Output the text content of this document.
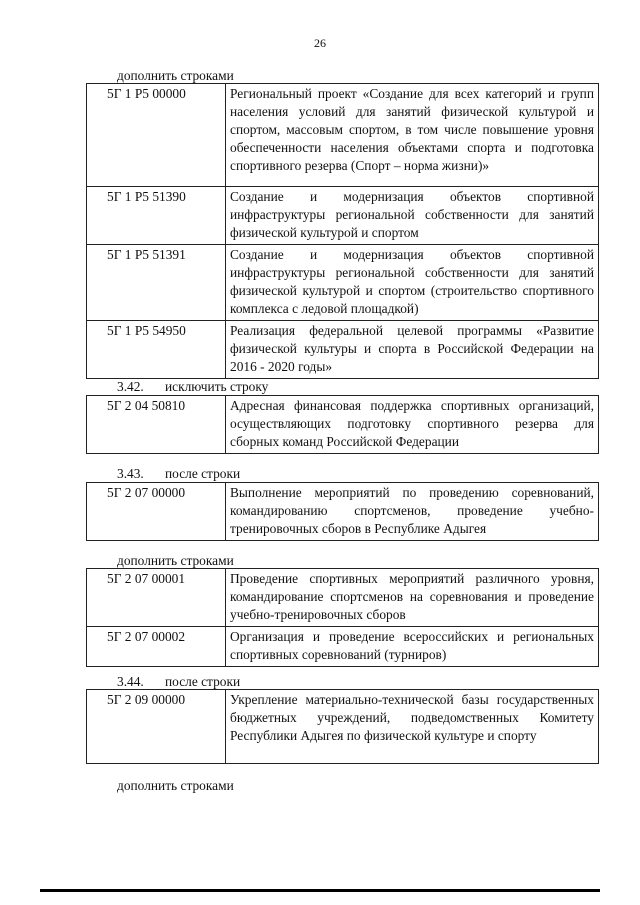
26
дополнить строками
5Г 1 P5 00000	Региональный проект «Создание для всех категорий и групп населения условий для занятий физической культурой и спортом, массовым спортом, в том числе повышение уровня обеспеченности населения объектами спорта и подготовка спортивного резерва (Спорт – норма жизни)»
5Г 1 P5 51390	Создание и модернизация объектов спортивной инфраструктуры региональной собственности для занятий физической культурой и спортом
5Г 1 P5 51391	Создание и модернизация объектов спортивной инфраструктуры региональной собственности для занятий физической культурой и спортом (строительство спортивного комплекса с ледовой площадкой)
5Г 1 P5 54950	Реализация федеральной целевой программы «Развитие физической культуры и спорта в Российской Федерации на 2016 - 2020 годы»
3.42. исключить строку
5Г 2 04 50810	Адресная финансовая поддержка спортивных организаций, осуществляющих подготовку спортивного резерва для сборных команд Российской Федерации
3.43. после строки
5Г 2 07 00000	Выполнение мероприятий по проведению соревнований, командированию спортсменов, проведение учебно-тренировочных сборов в Республике Адыгея
дополнить строками
5Г 2 07 00001	Проведение спортивных мероприятий различного уровня, командирование спортсменов на соревнования и проведение учебно-тренировочных сборов
5Г 2 07 00002	Организация и проведение всероссийских и региональных спортивных соревнований (турниров)
3.44. после строки
5Г 2 09 00000	Укрепление материально-технической базы государственных бюджетных учреждений, подведомственных Комитету Республики Адыгея по физической культуре и спорту
дополнить строками
